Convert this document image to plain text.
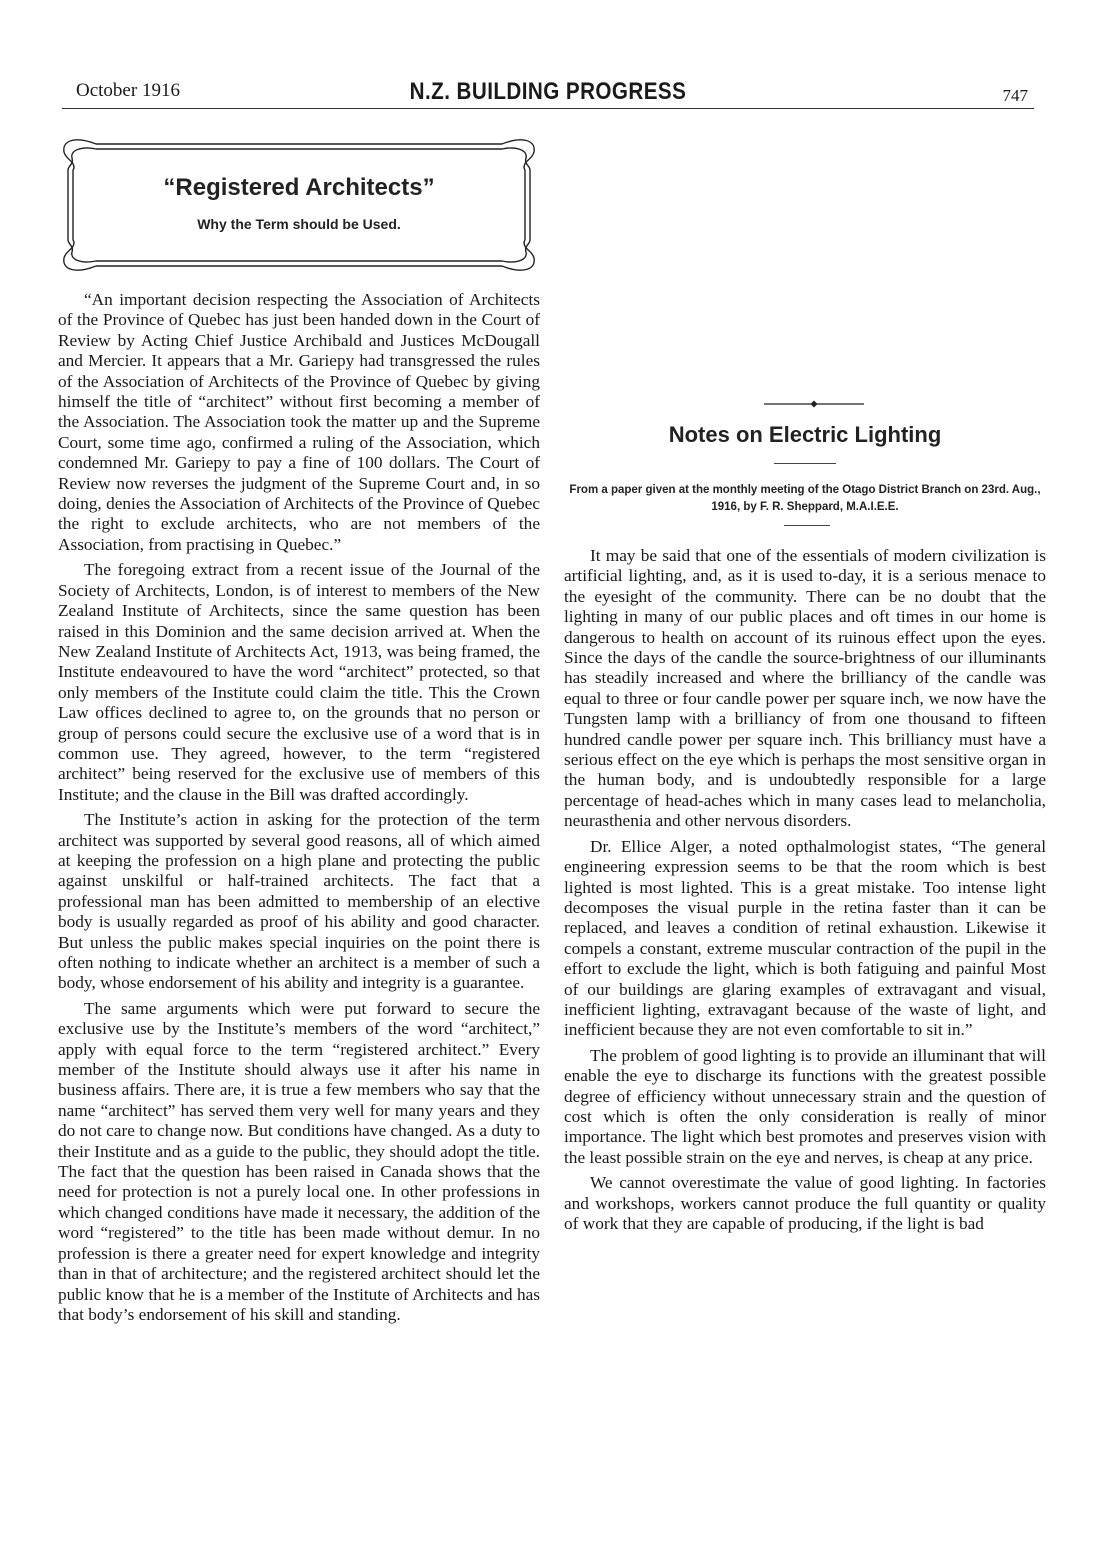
October 1916	N.Z. BUILDING PROGRESS	747
“Registered Architects”
Why the Term should be Used.

“An important decision respecting the Association of Architects of the Province of Quebec has just been handed down in the Court of Review by Acting Chief Justice Archibald and Justices McDougall and Mercier. It appears that a Mr. Gariepy had transgressed the rules of the Association of Architects of the Province of Quebec by giving himself the title of “architect” without first becoming a member of the Association. The Association took the matter up and the Supreme Court, some time ago, confirmed a ruling of the Association, which condemned Mr. Gariepy to pay a fine of 100 dollars. The Court of Review now reverses the judgment of the Supreme Court and, in so doing, denies the Association of Architects of the Province of Quebec the right to exclude architects, who are not members of the Association, from practising in Quebec.”

The foregoing extract from a recent issue of the Journal of the Society of Architects, London, is of interest to members of the New Zealand Institute of Architects, since the same question has been raised in this Dominion and the same decision arrived at. When the New Zealand Institute of Architects Act, 1913, was being framed, the Institute endeavoured to have the word “architect” protected, so that only members of the Institute could claim the title. This the Crown Law offices declined to agree to, on the grounds that no person or group of persons could secure the exclusive use of a word that is in common use. They agreed, however, to the term “registered architect” being reserved for the exclusive use of members of this Institute; and the clause in the Bill was drafted accordingly.

The Institute’s action in asking for the protection of the term architect was supported by several good reasons, all of which aimed at keeping the profession on a high plane and protecting the public against unskilful or half-trained architects. The fact that a professional man has been admitted to membership of an elective body is usually regarded as proof of his ability and good character. But unless the public makes special inquiries on the point there is often nothing to indicate whether an architect is a member of such a body, whose endorsement of his ability and integrity is a guarantee.

The same arguments which were put forward to secure the exclusive use by the Institute’s members of the word “architect,” apply with equal force to the term “registered architect.” Every member of the Institute should always use it after his name in business affairs. There are, it is true a few members who say that the name “architect” has served them very well for many years and they do not care to change now. But conditions have changed. As a duty to their Institute and as a guide to the public, they should adopt the title. The fact that the question has been raised in Canada shows that the need for protection is not a purely local one. In other professions in which changed conditions have made it necessary, the addition of the word “registered” to the title has been made without demur. In no profession is there a greater need for expert knowledge and integrity than in that of architecture; and the registered architect should let the public know that he is a member of the Institute of Architects and has that body’s endorsement of his skill and standing.

Notes on Electric Lighting
From a paper given at the monthly meeting of the Otago District Branch on 23rd. Aug., 1916, by F. R. Sheppard, M.A.I.E.E.

It may be said that one of the essentials of modern civilization is artificial lighting, and, as it is used to-day, it is a serious menace to the eyesight of the community. There can be no doubt that the lighting in many of our public places and oft times in our home is dangerous to health on account of its ruinous effect upon the eyes. Since the days of the candle the source-brightness of our illuminants has steadily increased and where the brilliancy of the candle was equal to three or four candle power per square inch, we now have the Tungsten lamp with a brilliancy of from one thousand to fifteen hundred candle power per square inch. This brilliancy must have a serious effect on the eye which is perhaps the most sensitive organ in the human body, and is undoubtedly responsible for a large percentage of head-aches which in many cases lead to melancholia, neurasthenia and other nervous disorders.

Dr. Ellice Alger, a noted opthalmologist states, “The general engineering expression seems to be that the room which is best lighted is most lighted. This is a great mistake. Too intense light decomposes the visual purple in the retina faster than it can be replaced, and leaves a condition of retinal exhaustion. Likewise it compels a constant, extreme muscular contraction of the pupil in the effort to exclude the light, which is both fatiguing and painful Most of our buildings are glaring examples of extravagant and visual, inefficient lighting, extravagant because of the waste of light, and inefficient because they are not even comfortable to sit in.”

The problem of good lighting is to provide an illuminant that will enable the eye to discharge its functions with the greatest possible degree of efficiency without unnecessary strain and the question of cost which is often the only consideration is really of minor importance. The light which best promotes and preserves vision with the least possible strain on the eye and nerves, is cheap at any price.

We cannot overestimate the value of good lighting. In factories and workshops, workers cannot produce the full quantity or quality of work that they are capable of producing, if the light is bad
